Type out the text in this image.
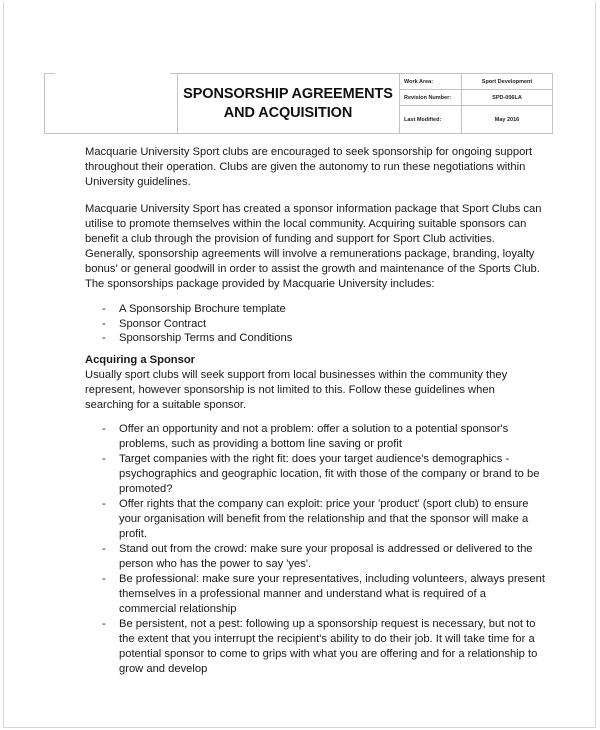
SPONSORSHIP AGREEMENTS
AND ACQUISITION
Work Area:	Sport Development
Revision Number:	SPD-006LA
Last Modified:	May 2016

Macquarie University Sport clubs are encouraged to seek sponsorship for ongoing support throughout their operation. Clubs are given the autonomy to run these negotiations within University guidelines.

Macquarie University Sport has created a sponsor information package that Sport Clubs can utilise to promote themselves within the local community. Acquiring suitable sponsors can benefit a club through the provision of funding and support for Sport Club activities. Generally, sponsorship agreements will involve a remunerations package, branding, loyalty bonus' or general goodwill in order to assist the growth and maintenance of the Sports Club. The sponsorships package provided by Macquarie University includes:

- A Sponsorship Brochure template
- Sponsor Contract
- Sponsorship Terms and Conditions
Acquiring a Sponsor

Usually sport clubs will seek support from local businesses within the community they represent, however sponsorship is not limited to this. Follow these guidelines when searching for a suitable sponsor.

- Offer an opportunity and not a problem: offer a solution to a potential sponsor's problems, such as providing a bottom line saving or profit
- Target companies with the right fit: does your target audience's demographics - psychographics and geographic location, fit with those of the company or brand to be promoted?
- Offer rights that the company can exploit: price your 'product' (sport club) to ensure your organisation will benefit from the relationship and that the sponsor will make a profit.
- Stand out from the crowd: make sure your proposal is addressed or delivered to the person who has the power to say 'yes'.
- Be professional: make sure your representatives, including volunteers, always present themselves in a professional manner and understand what is required of a commercial relationship
- Be persistent, not a pest: following up a sponsorship request is necessary, but not to the extent that you interrupt the recipient's ability to do their job. It will take time for a potential sponsor to come to grips with what you are offering and for a relationship to grow and develop
